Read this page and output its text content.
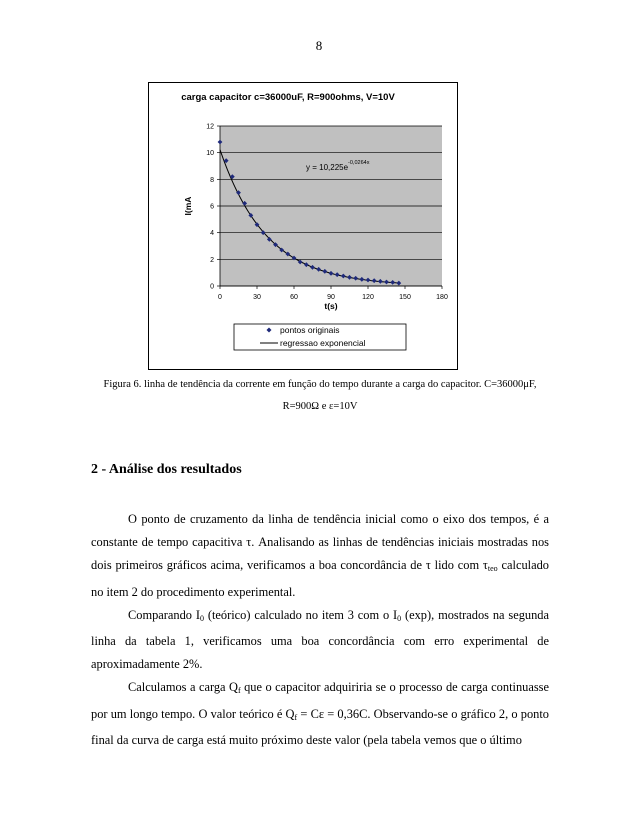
8
carga capacitor c=36000uF, R=900ohms, V=10V
0
2
4
6
8
10
12
0	30	60	90	120	150	180
t(s)
I(mA
$y = 10,225e^{-0,0264x}$
pontos originais
regressao exponencial
Figura 6. linha de tendência da corrente em função do tempo durante a carga do capacitor. C=36000μF,
R=900Ω e ε=10V
2 - Análise dos resultados

O ponto de cruzamento da linha de tendência inicial como o eixo dos tempos, é a constante de tempo capacitiva τ. Analisando as linhas de tendências iniciais mostradas nos dois primeiros gráficos acima, verificamos a boa concordância de τ lido com $\tau_{teo}$ calculado no item 2 do procedimento experimental.

Comparando $I_0$ (teórico) calculado no item 3 com o $I_0$ (exp), mostrados na segunda linha da tabela 1, verificamos uma boa concordância com erro experimental de aproximadamente 2%.

Calculamos a carga $Q_f$ que o capacitor adquiriria se o processo de carga continuasse por um longo tempo. O valor teórico é $Q_f = C\varepsilon = 0,36C$. Observando-se o gráfico 2, o ponto final da curva de carga está muito próximo deste valor (pela tabela vemos que o último
